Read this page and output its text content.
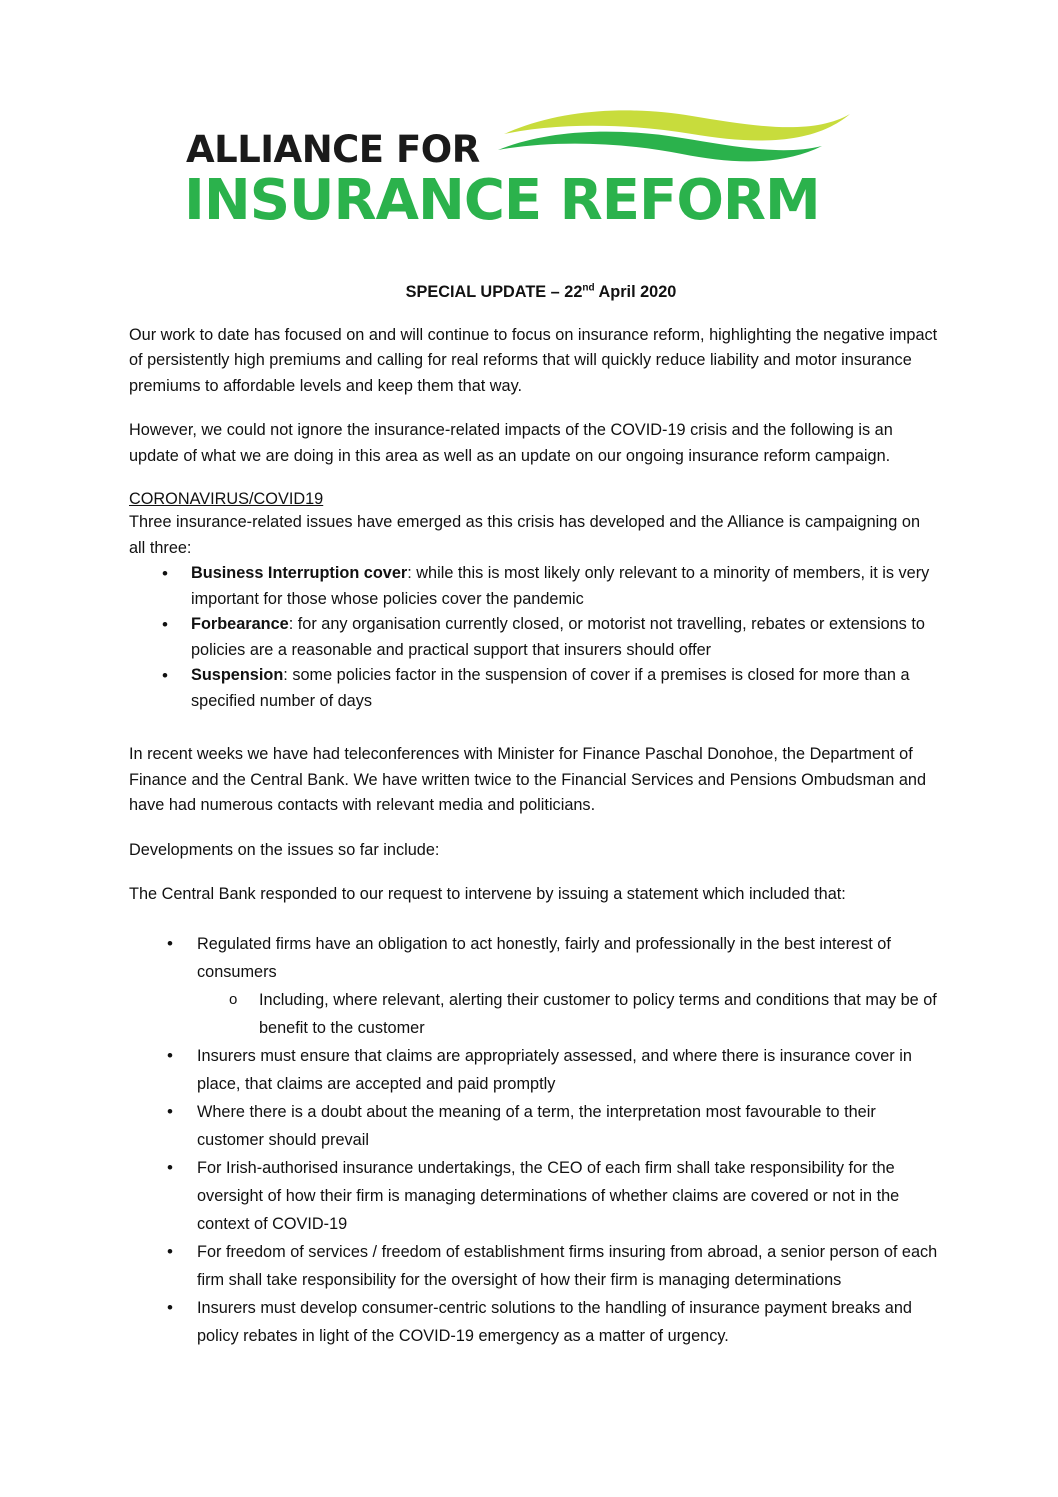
ALLIANCE FOR
INSURANCE REFORM
SPECIAL UPDATE – 22nd April 2020

Our work to date has focused on and will continue to focus on insurance reform, highlighting the negative impact of persistently high premiums and calling for real reforms that will quickly reduce liability and motor insurance premiums to affordable levels and keep them that way.

However, we could not ignore the insurance-related impacts of the COVID-19 crisis and the following is an update of what we are doing in this area as well as an update on our ongoing insurance reform campaign.

CORONAVIRUS/COVID19
Three insurance-related issues have emerged as this crisis has developed and the Alliance is campaigning on all three:
• Business Interruption cover: while this is most likely only relevant to a minority of members, it is very important for those whose policies cover the pandemic
• Forbearance: for any organisation currently closed, or motorist not travelling, rebates or extensions to policies are a reasonable and practical support that insurers should offer
• Suspension: some policies factor in the suspension of cover if a premises is closed for more than a specified number of days

In recent weeks we have had teleconferences with Minister for Finance Paschal Donohoe, the Department of Finance and the Central Bank. We have written twice to the Financial Services and Pensions Ombudsman and have had numerous contacts with relevant media and politicians.

Developments on the issues so far include:

The Central Bank responded to our request to intervene by issuing a statement which included that:

• Regulated firms have an obligation to act honestly, fairly and professionally in the best interest of consumers
o Including, where relevant, alerting their customer to policy terms and conditions that may be of benefit to the customer
• Insurers must ensure that claims are appropriately assessed, and where there is insurance cover in place, that claims are accepted and paid promptly
• Where there is a doubt about the meaning of a term, the interpretation most favourable to their customer should prevail
• For Irish-authorised insurance undertakings, the CEO of each firm shall take responsibility for the oversight of how their firm is managing determinations of whether claims are covered or not in the context of COVID-19
• For freedom of services / freedom of establishment firms insuring from abroad, a senior person of each firm shall take responsibility for the oversight of how their firm is managing determinations
• Insurers must develop consumer-centric solutions to the handling of insurance payment breaks and policy rebates in light of the COVID-19 emergency as a matter of urgency.
